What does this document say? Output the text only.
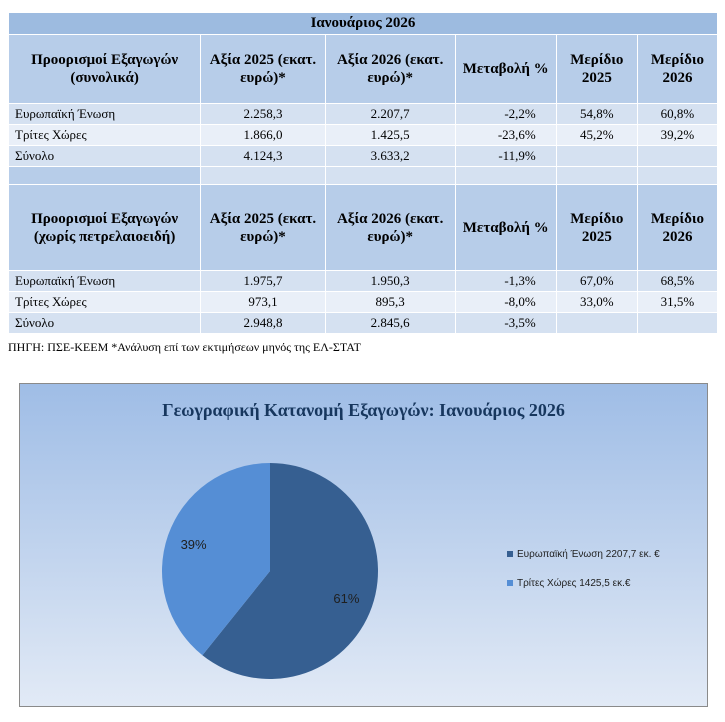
Ιανουάριος 2026					
Προορισμοί Εξαγωγών (συνολικά)	Αξία 2025 (εκατ. ευρώ)*	Αξία 2026 (εκατ. ευρώ)*	Μεταβολή %	Μερίδιο 2025	Μερίδιο 2026
Ευρωπαϊκή Ένωση	2.258,3	2.207,7	-2,2%	54,8%	60,8%
Τρίτες Χώρες	1.866,0	1.425,5	-23,6%	45,2%	39,2%
Σύνολο	4.124,3	3.633,2	-11,9%		

Προορισμοί Εξαγωγών (χωρίς πετρελαιοειδή)	Αξία 2025 (εκατ. ευρώ)*	Αξία 2026 (εκατ. ευρώ)*	Μεταβολή %	Μερίδιο 2025	Μερίδιο 2026
Ευρωπαϊκή Ένωση	1.975,7	1.950,3	-1,3%	67,0%	68,5%
Τρίτες Χώρες	973,1	895,3	-8,0%	33,0%	31,5%
Σύνολο	2.948,8	2.845,6	-3,5%		
ΠΗΓΗ: ΠΣΕ-ΚΕΕΜ *Ανάλυση επί των εκτιμήσεων μηνός της ΕΛ-ΣΤΑΤ
Γεωγραφική Κατανομή Εξαγωγών: Ιανουάριος 2026
61%
39%
Ευρωπαϊκή Ένωση 2207,7 εκ. €
Τρίτες Χώρες 1425,5 εκ.€
